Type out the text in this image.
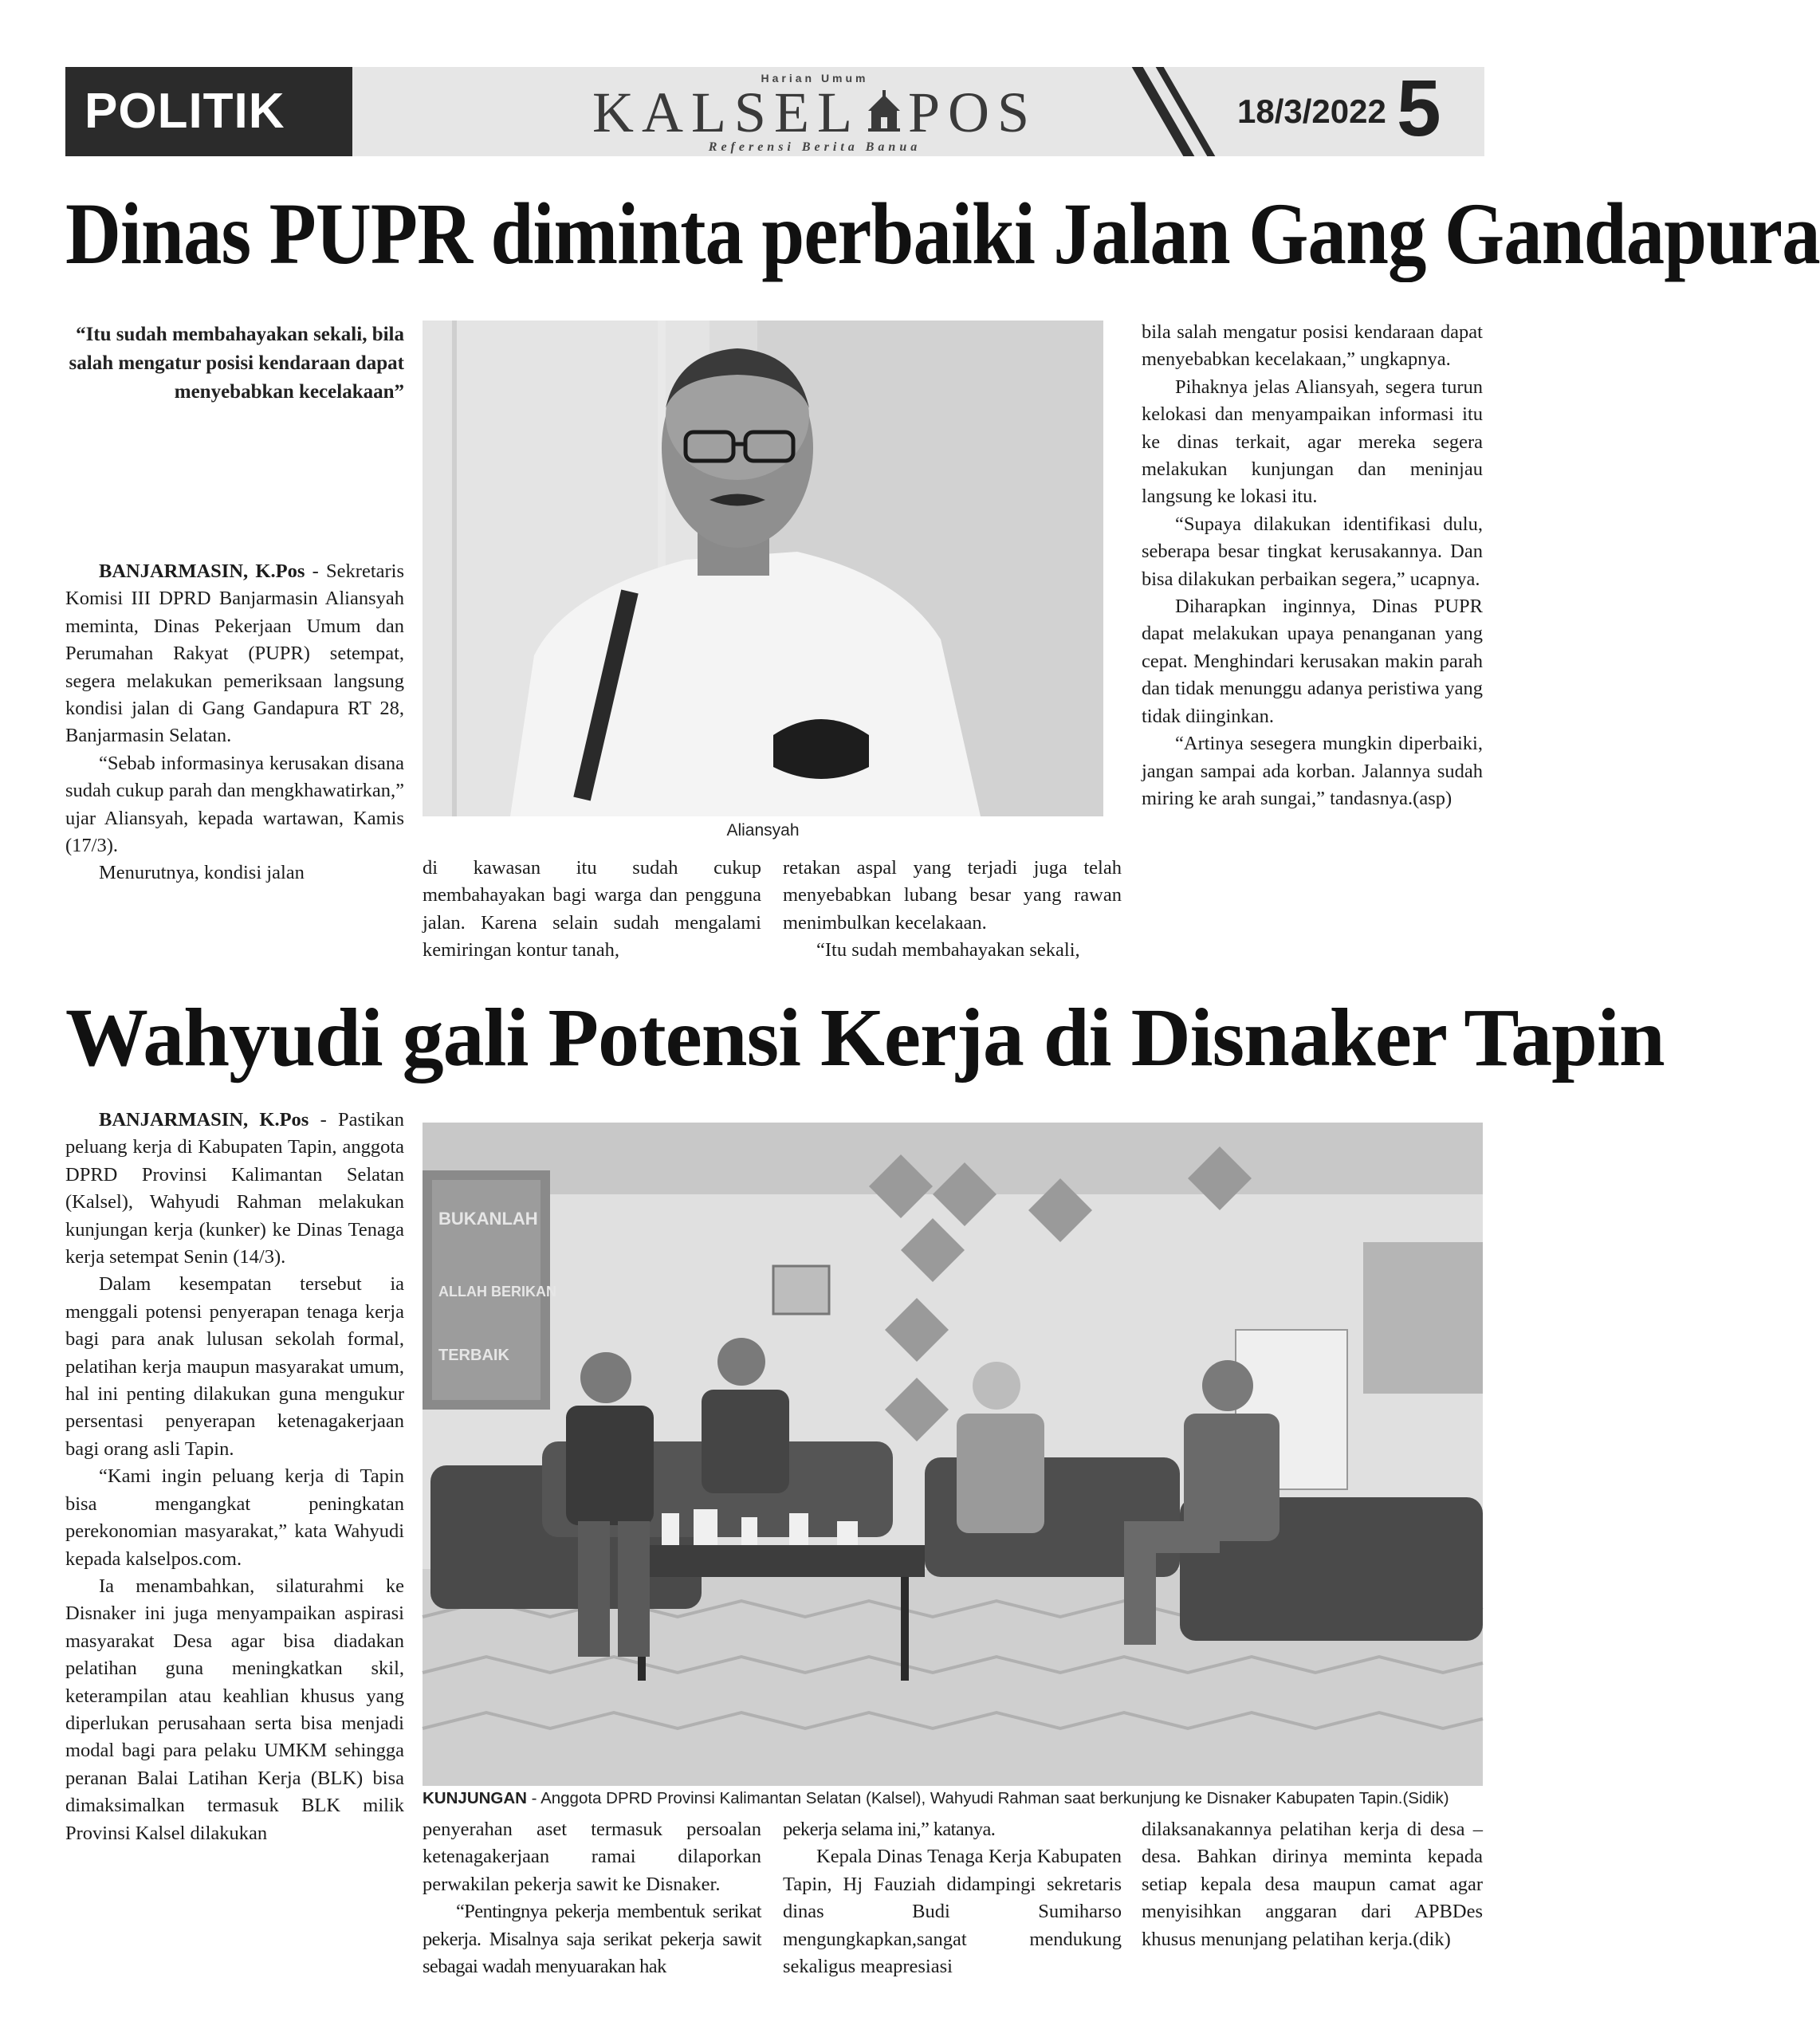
POLITIK
Harian Umum
KALSEL POS
Referensi Berita Banua
18/3/2022 5
Dinas PUPR diminta perbaiki Jalan Gang Gandapura
“Itu sudah membahayakan sekali, bila salah mengatur posisi kendaraan dapat menyebabkan kecelakaan”
Aliansyah

BANJARMASIN, K.Pos - Sekretaris Komisi III DPRD Banjarmasin Aliansyah meminta, Dinas Pekerjaan Umum dan Perumahan Rakyat (PUPR) setempat, segera melakukan pemeriksaan langsung kondisi jalan di Gang Gandapura RT 28, Banjarmasin Selatan.

“Sebab informasinya kerusakan disana sudah cukup parah dan mengkhawatirkan,” ujar Aliansyah, kepada wartawan, Kamis (17/3).

Menurutnya, kondisi jalan	di kawasan itu sudah cukup membahayakan bagi warga dan pengguna jalan. Karena selain sudah mengalami kemiringan kontur tanah,

retakan aspal yang terjadi juga telah menyebabkan lubang besar yang rawan menimbulkan kecelakaan.

“Itu sudah membahayakan sekali,

bila salah mengatur posisi kendaraan dapat menyebabkan kecelakaan,” ungkapnya.

Pihaknya jelas Aliansyah, segera turun kelokasi dan menyampaikan informasi itu ke dinas terkait, agar mereka segera melakukan kunjungan dan meninjau langsung ke lokasi itu.

“Supaya dilakukan identifikasi dulu, seberapa besar tingkat kerusakannya. Dan bisa dilakukan perbaikan segera,” ucapnya.

Diharapkan inginnya, Dinas PUPR dapat melakukan upaya penanganan yang cepat. Menghindari kerusakan makin parah dan tidak menunggu adanya peristiwa yang tidak diinginkan.

“Artinya sesegera mungkin diperbaiki, jangan sampai ada korban. Jalannya sudah miring ke arah sungai,” tandasnya.(asp)

Wahyudi gali Potensi Kerja di Disnaker Tapin

BANJARMASIN, K.Pos - Pastikan peluang kerja di Kabupaten Tapin, anggota DPRD Provinsi Kalimantan Selatan (Kalsel), Wahyudi Rahman melakukan kunjungan kerja (kunker) ke Dinas Tenaga kerja setempat Senin (14/3).

Dalam kesempatan tersebut ia menggali potensi penyerapan tenaga kerja bagi para anak lulusan sekolah formal, pelatihan kerja maupun masyarakat umum, hal ini penting dilakukan guna mengukur persentasi penyerapan ketenagakerjaan bagi orang asli Tapin.

“Kami ingin peluang kerja di Tapin bisa mengangkat peningkatan perekonomian masyarakat,” kata Wahyudi kepada kalselpos.com.

Ia menambahkan, silaturahmi ke Disnaker ini juga menyampaikan aspirasi masyarakat Desa agar bisa diadakan pelatihan guna meningkatkan skil, keterampilan atau keahlian khusus yang diperlukan perusahaan serta bisa menjadi modal bagi para pelaku UMKM sehingga peranan Balai Latihan Kerja (BLK) bisa dimaksimalkan termasuk BLK milik Provinsi Kalsel dilakukan

BUKANLAH
ALLAH BERIKAN
TERBAIK
KUNJUNGAN - Anggota DPRD Provinsi Kalimantan Selatan (Kalsel), Wahyudi Rahman saat berkunjung ke Disnaker Kabupaten Tapin.(Sidik)

penyerahan aset termasuk persoalan ketenagakerjaan ramai dilaporkan perwakilan pekerja sawit ke Disnaker.

“Pentingnya pekerja membentuk serikat pekerja. Misalnya saja serikat pekerja sawit sebagai wadah menyuarakan hak

pekerja selama ini,” katanya.

Kepala Dinas Tenaga Kerja Kabupaten Tapin, Hj Fauziah didampingi sekretaris dinas Budi Sumiharso mengungkapkan,sangat mendukung sekaligus meapresiasi

dilaksanakannya pelatihan kerja di desa – desa. Bahkan dirinya meminta kepada setiap kepala desa maupun camat agar menyisihkan anggaran dari APBDes khusus menunjang pelatihan kerja.(dik)
